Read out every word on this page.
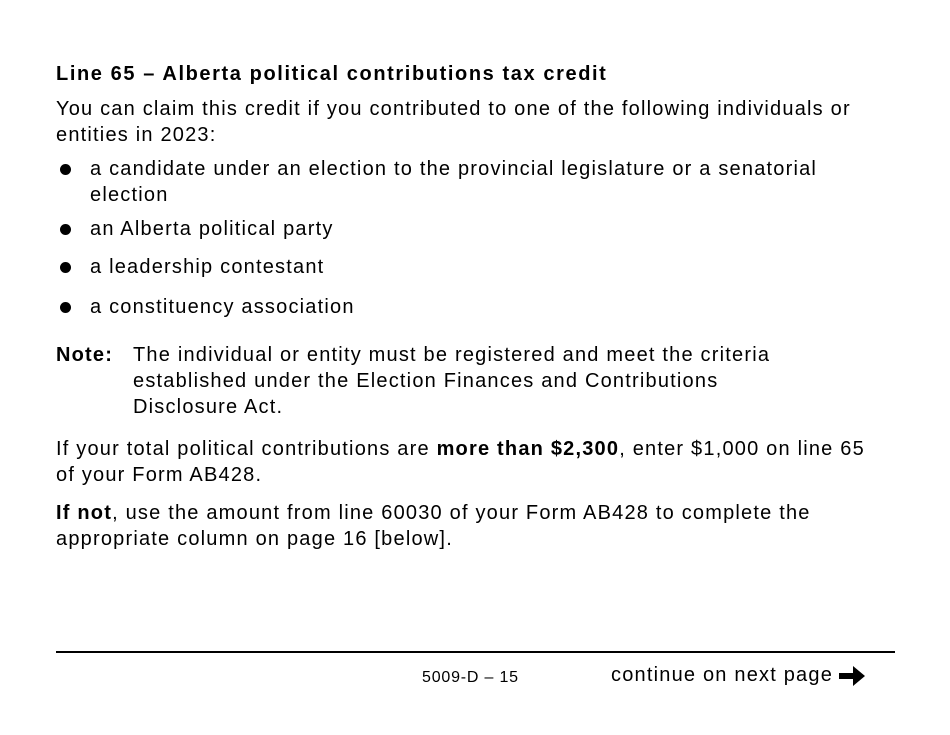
Line 65 – Alberta political contributions tax credit

You can claim this credit if you contributed to one of the following individuals or entities in 2023:

a candidate under an election to the provincial legislature or a senatorial election
an Alberta political party
a leadership contestant
a constituency association
Note: The individual or entity must be registered and meet the criteria established under the Election Finances and Contributions Disclosure Act.

If your total political contributions are more than $2,300, enter $1,000 on line 65 of your Form AB428.

If not, use the amount from line 60030 of your Form AB428 to complete the appropriate column on page 16 [below].

5009-D – 15	continue on next page
